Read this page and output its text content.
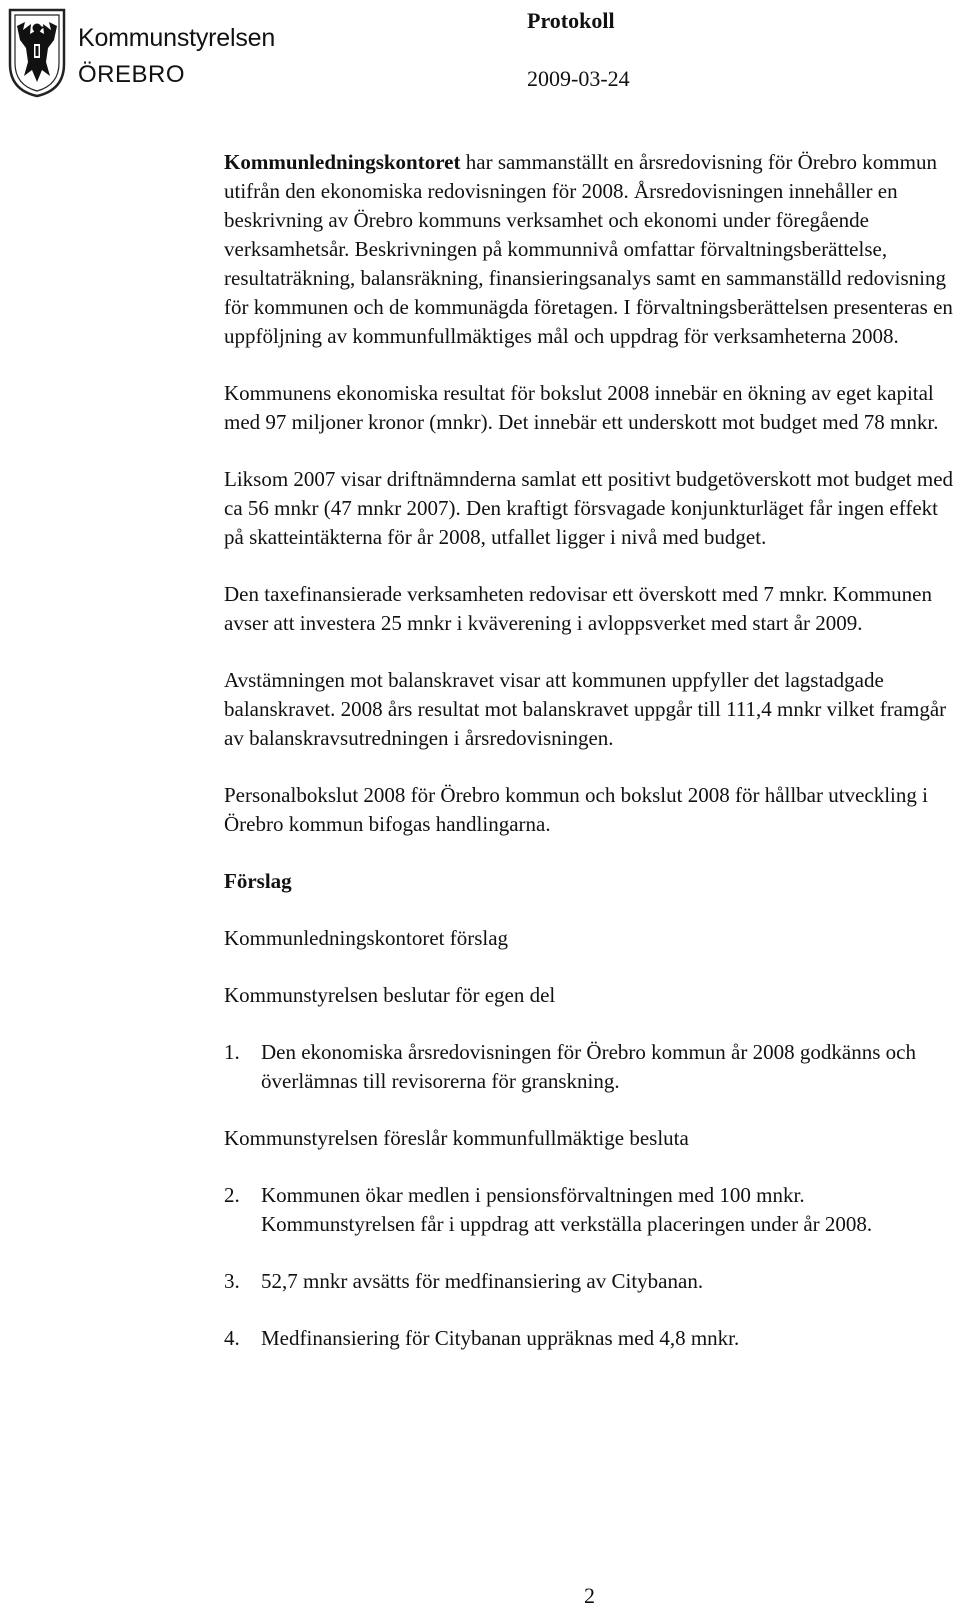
Kommunstyrelsen
ÖREBRO
Protokoll
2009-03-24

Kommunledningskontoret har sammanställt en årsredovisning för Örebro kommun utifrån den ekonomiska redovisningen för 2008. Årsredovisningen innehåller en beskrivning av Örebro kommuns verksamhet och ekonomi under föregående verksamhetsår. Beskrivningen på kommunnivå omfattar förvaltningsberättelse, resultaträkning, balansräkning, finansieringsanalys samt en sammanställd redovisning för kommunen och de kommunägda företagen. I förvaltningsberättelsen presenteras en uppföljning av kommunfullmäktiges mål och uppdrag för verksamheterna 2008.

Kommunens ekonomiska resultat för bokslut 2008 innebär en ökning av eget kapital med 97 miljoner kronor (mnkr). Det innebär ett underskott mot budget med 78 mnkr.

Liksom 2007 visar driftnämnderna samlat ett positivt budgetöverskott mot budget med ca 56 mnkr (47 mnkr 2007). Den kraftigt försvagade konjunkturläget får ingen effekt på skatteintäkterna för år 2008, utfallet ligger i nivå med budget.

Den taxefinansierade verksamheten redovisar ett överskott med 7 mnkr. Kommunen avser att investera 25 mnkr i kväverening i avloppsverket med start år 2009.

Avstämningen mot balanskravet visar att kommunen uppfyller det lagstadgade balanskravet. 2008 års resultat mot balanskravet uppgår till 111,4 mnkr vilket framgår av balanskravsutredningen i årsredovisningen.

Personalbokslut 2008 för Örebro kommun och bokslut 2008 för hållbar utveckling i Örebro kommun bifogas handlingarna.

Förslag

Kommunledningskontoret förslag

Kommunstyrelsen beslutar för egen del

1.	Den ekonomiska årsredovisningen för Örebro kommun år 2008 godkänns och överlämnas till revisorerna för granskning.

Kommunstyrelsen föreslår kommunfullmäktige besluta

2.	Kommunen ökar medlen i pensionsförvaltningen med 100 mnkr. Kommunstyrelsen får i uppdrag att verkställa placeringen under år 2008.
3.	52,7 mnkr avsätts för medfinansiering av Citybanan.
4.	Medfinansiering för Citybanan uppräknas med 4,8 mnkr.
2
